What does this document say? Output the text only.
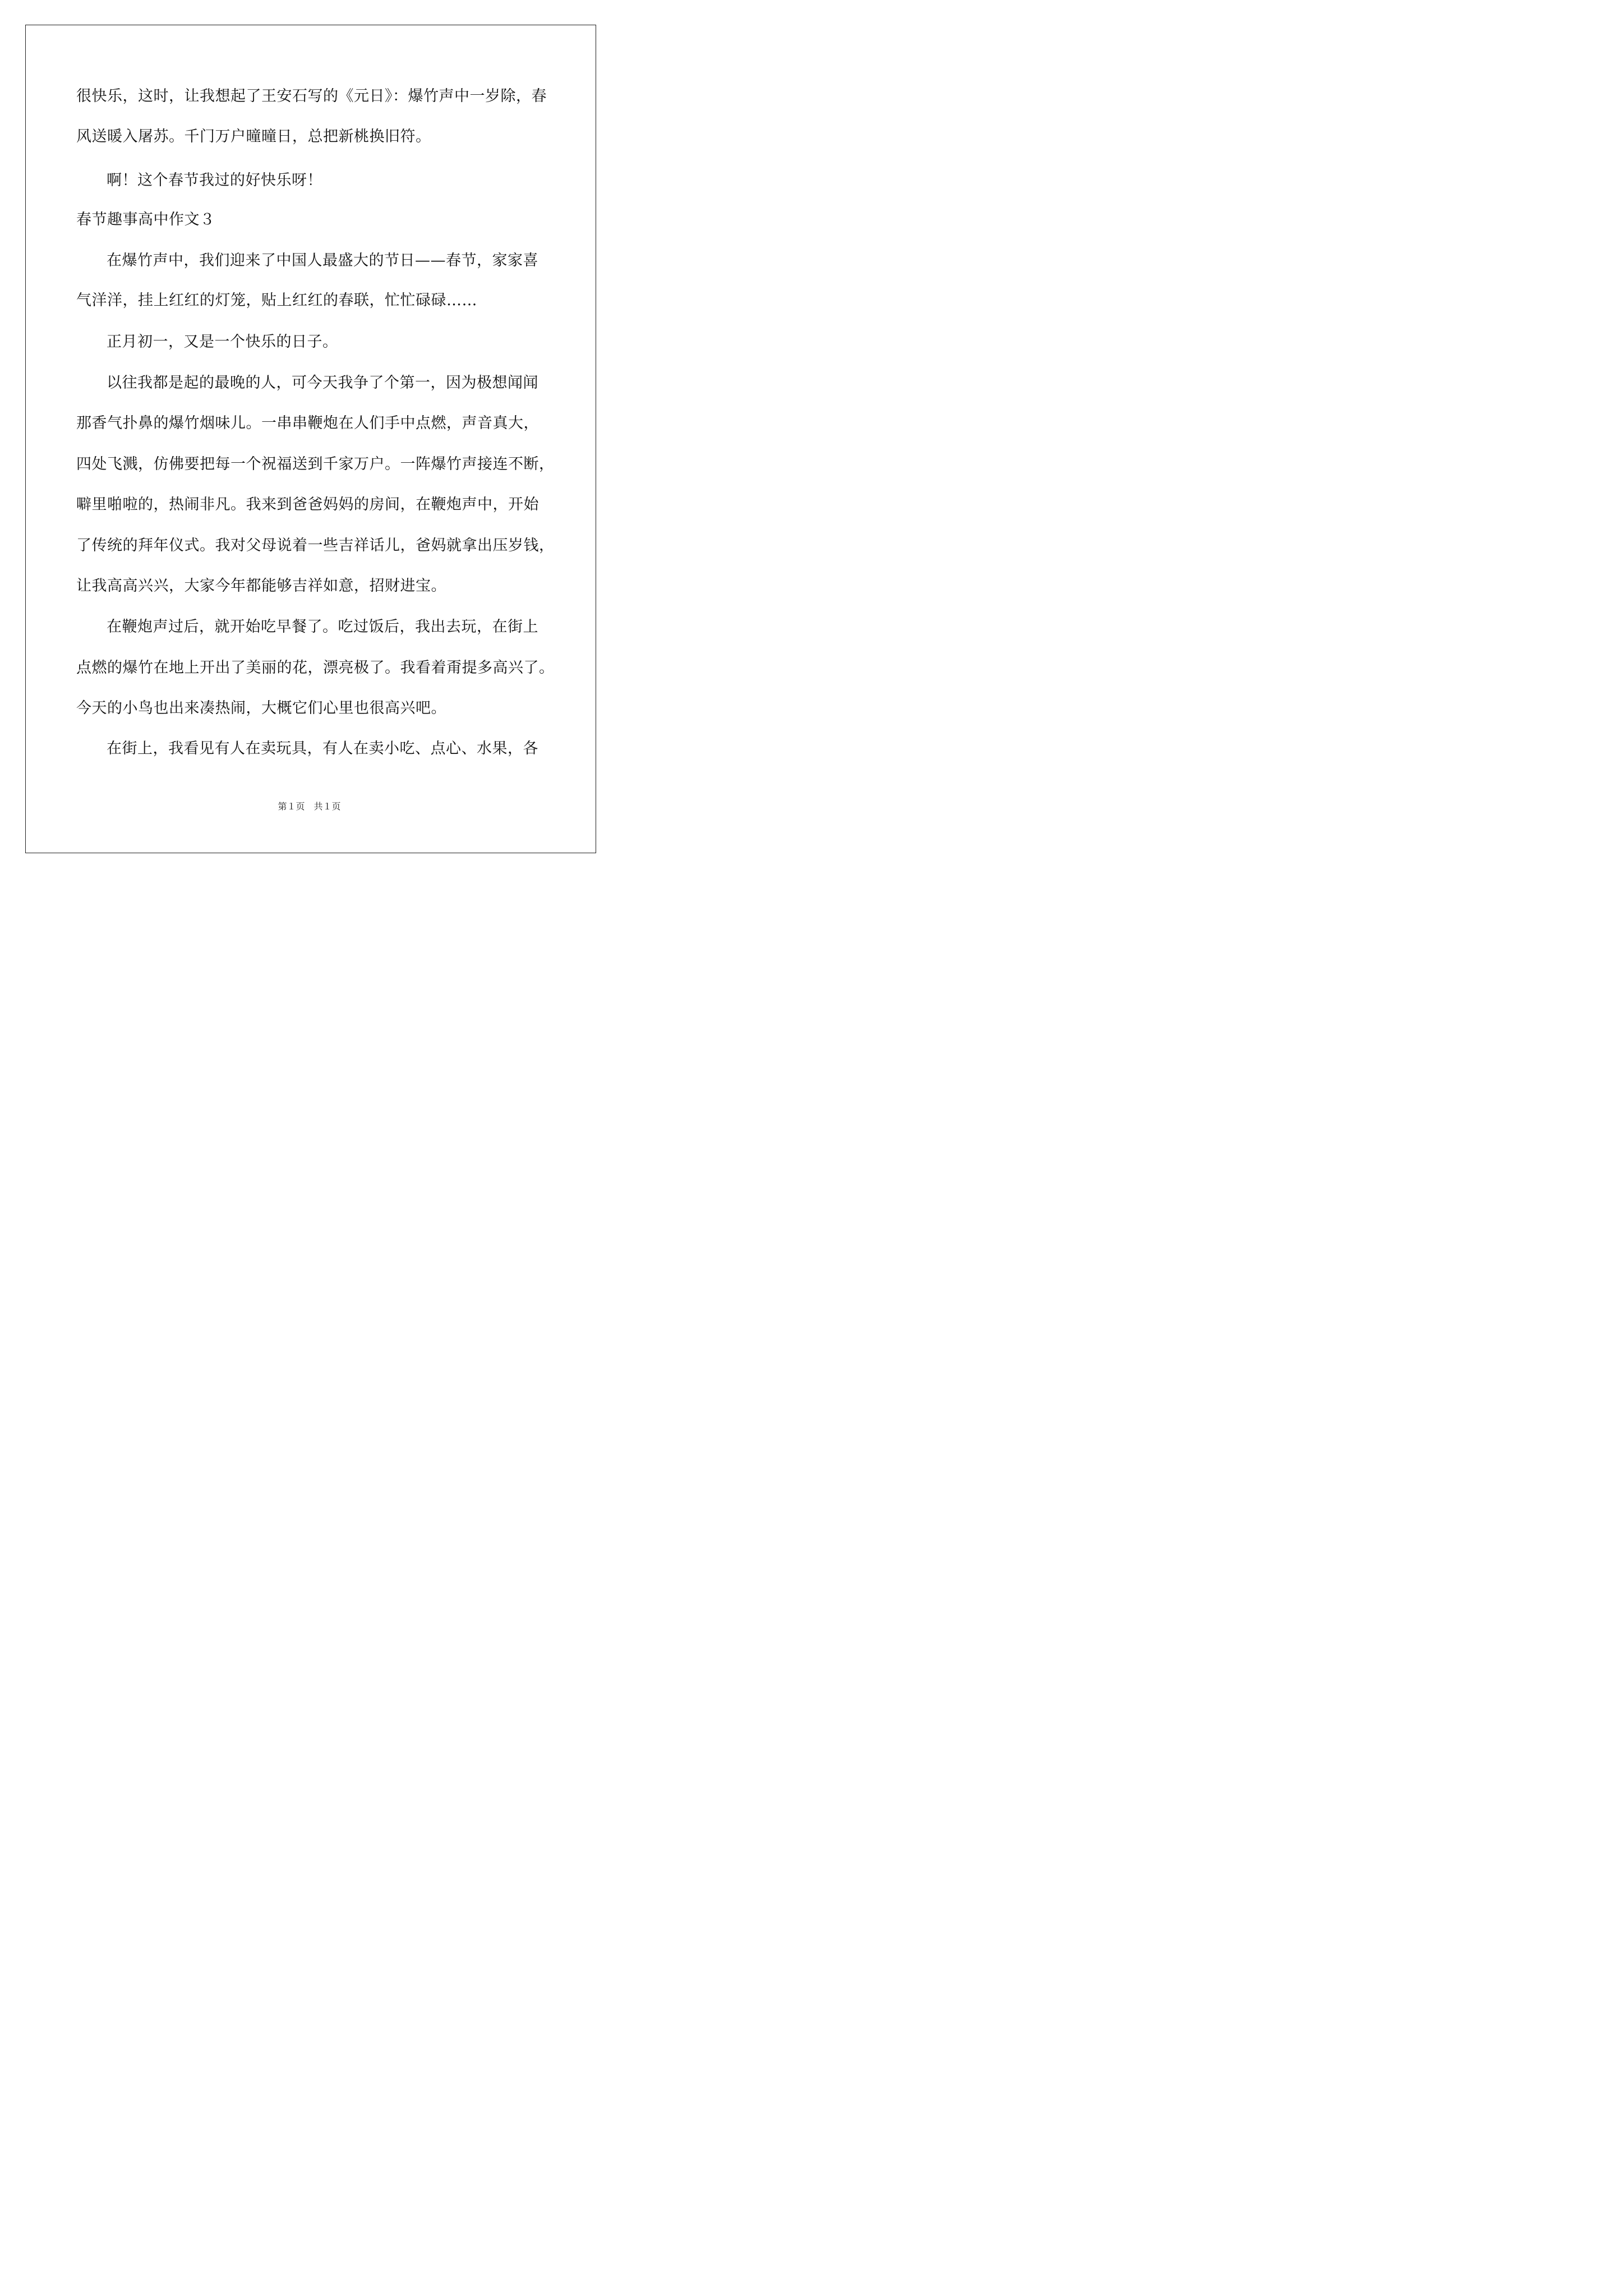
很快乐，这时，让我想起了王安石写的《元日》：爆竹声中一岁除，春
风送暖入屠苏。千门万户曈曈日，总把新桃换旧符。
啊！这个春节我过的好快乐呀！
春节趣事高中作文３
在爆竹声中，我们迎来了中国人最盛大的节日——春节，家家喜
气洋洋，挂上红红的灯笼，贴上红红的春联，忙忙碌碌……
正月初一，又是一个快乐的日子。
以往我都是起的最晚的人，可今天我争了个第一，因为极想闻闻
那香气扑鼻的爆竹烟味儿。一串串鞭炮在人们手中点燃，声音真大，
四处飞溅，仿佛要把每一个祝福送到千家万户。一阵爆竹声接连不断，
噼里啪啦的，热闹非凡。我来到爸爸妈妈的房间，在鞭炮声中，开始
了传统的拜年仪式。我对父母说着一些吉祥话儿，爸妈就拿出压岁钱，
让我高高兴兴，大家今年都能够吉祥如意，招财进宝。
在鞭炮声过后，就开始吃早餐了。吃过饭后，我出去玩，在街上
点燃的爆竹在地上开出了美丽的花，漂亮极了。我看着甭提多高兴了。
今天的小鸟也出来凑热闹，大概它们心里也很高兴吧。
在街上，我看见有人在卖玩具，有人在卖小吃、点心、水果，各
第１页　共１页
